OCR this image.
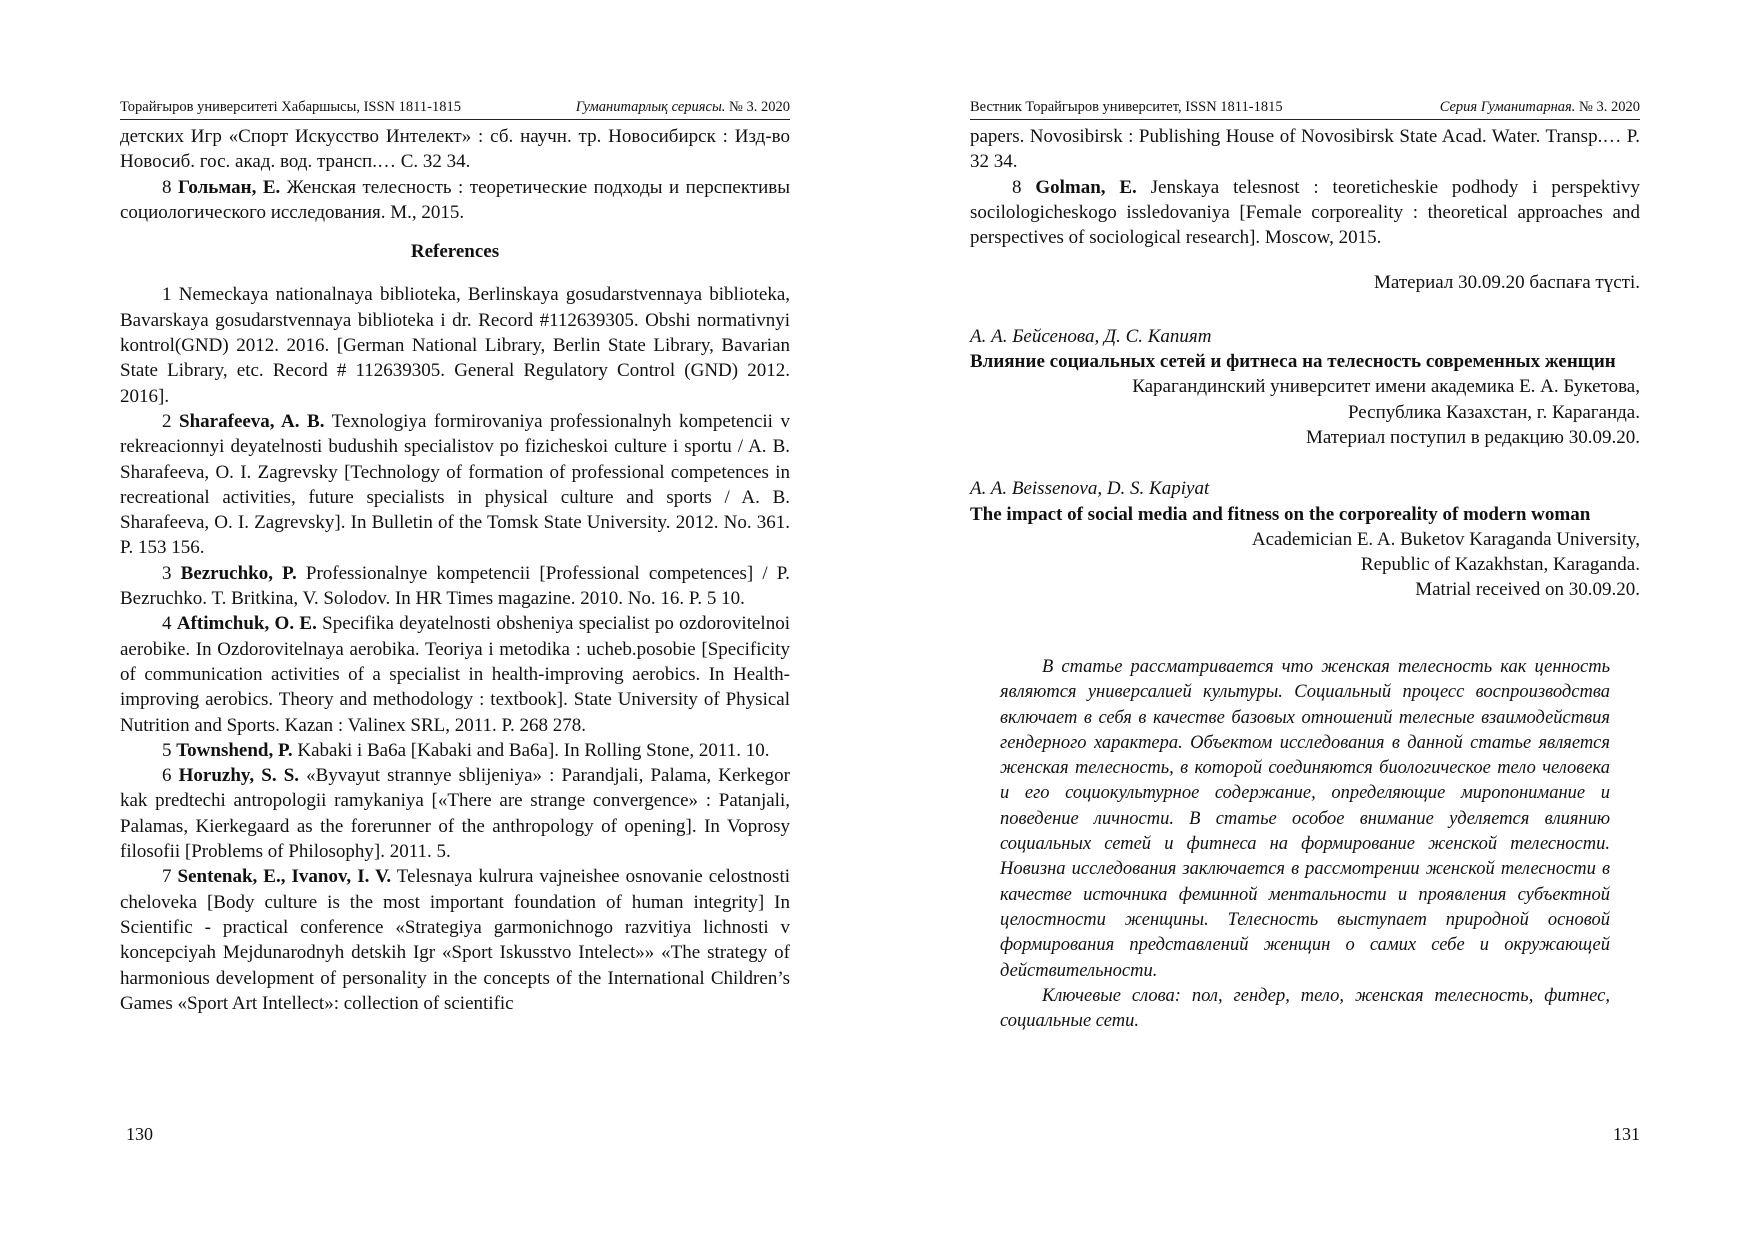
Торайғыров университеті Хабаршысы, ISSN 1811-1815	Гуманитарлық сериясы. № 3. 2020

детских Игр «Спорт Искусство Интелект» : сб. научн. тр. Новосибирск : Изд-во Новосиб. гос. акад. вод. трансп.… С. 32 34.

8 Гольман, Е. Женская телесность : теоретические подходы и перспективы социологического исследования. М., 2015.

References

1 Nemeckaya nationalnaya biblioteka, Berlinskaya gosudarstvennaya biblioteka, Bavarskaya gosudarstvennaya biblioteka i dr. Record #112639305. Obshi normativnyi kontrol(GND) 2012. 2016. [German National Library, Berlin State Library, Bavarian State Library, etc. Record # 112639305. General Regulatory Control (GND) 2012. 2016].

2 Sharafeeva, A. B. Texnologiya formirovaniya professionalnyh kompetencii v rekreacionnyi deyatelnosti budushih specialistov po fizicheskoi culture i sportu / A. B. Sharafeeva, O. I. Zagrevsky [Technology of formation of professional competences in recreational activities, future specialists in physical culture and sports / A. B. Sharafeeva, O. I. Zagrevsky]. In Bulletin of the Tomsk State University. 2012. No. 361. P. 153 156.

3 Bezruchko, P. Professionalnye kompetencii [Professional competences] / P. Bezruchko. T. Britkina, V. Solodov. In HR Times magazine. 2010. No. 16. P. 5 10.

4 Aftimchuk, O. E. Specifika deyatelnosti obsheniya specialist po ozdorovitelnoi aerobike. In Ozdorovitelnaya aerobika. Teoriya i metodika : ucheb.posobie [Specificity of communication activities of a specialist in health-improving aerobics. In Health-improving aerobics. Theory and methodology : textbook]. State University of Physical Nutrition and Sports. Kazan : Valinex SRL, 2011. P. 268 278.

5 Townshend, P. Kabaki i Ba6a [Kabaki and Ba6a]. In Rolling Stone, 2011. 10.

6 Horuzhy, S. S. «Byvayut strannye sblijeniya» : Parandjali, Palama, Kerkegor kak predtechi antropologii ramykaniya [«There are strange convergence» : Patanjali, Palamas, Kierkegaard as the forerunner of the anthropology of opening]. In Voprosy filosofii [Problems of Philosophy]. 2011. 5.

7 Sentenak, E., Ivanov, I. V. Telesnaya kulrura vajneishee osnovanie celostnosti cheloveka [Body culture is the most important foundation of human integrity] In Scientific - practical conference «Strategiya garmonichnogo razvitiya lichnosti v koncepciyah Mejdunarodnyh detskih Igr «Sport Iskusstvo Intelect»» «The strategy of harmonious development of personality in the concepts of the International Children’s Games «Sport Art Intellect»: collection of scientific

130
Вестник Торайгыров университет, ISSN 1811-1815	Серия Гуманитарная. № 3. 2020

papers. Novosibirsk : Publishing House of Novosibirsk State Acad. Water. Transp.… P. 32 34.

8 Golman, E. Jenskaya telesnost : teoreticheskie podhody i perspektivy socilologicheskogo issledovaniya [Female corporeality : theoretical approaches and perspectives of sociological research]. Moscow, 2015.

Материал 30.09.20 баспаға түсті.

А. А. Бейсенова, Д. С. Капият

Влияние социальных сетей и фитнеса на телесность современных женщин

Карагандинский университет имени академика Е. А. Букетова,

Республика Казахстан, г. Караганда.

Материал поступил в редакцию 30.09.20.

A. A. Beissenova, D. S. Kapiyat

The impact of social media and fitness on the corporeality of modern woman

Academician E. A. Buketov Karaganda University,

Republic of Kazakhstan, Karaganda.

Matrial received on 30.09.20.

В статье рассматривается что женская телесность как ценность являются универсалией культуры. Социальный процесс воспроизводства включает в себя в качестве базовых отношений телесные взаимодействия гендерного характера. Объектом исследования в данной статье является женская телесность, в которой соединяются биологическое тело человека и его социокультурное содержание, определяющие миропонимание и поведение личности. В статье особое внимание уделяется влиянию социальных сетей и фитнеса на формирование женской телесности. Новизна исследования заключается в рассмотрении женской телесности в качестве источника феминной ментальности и проявления субъектной целостности женщины. Телесность выступает природной основой формирования представлений женщин о самих себе и окружающей действительности.

Ключевые слова: пол, гендер, тело, женская телесность, фитнес, социальные сети.

131
